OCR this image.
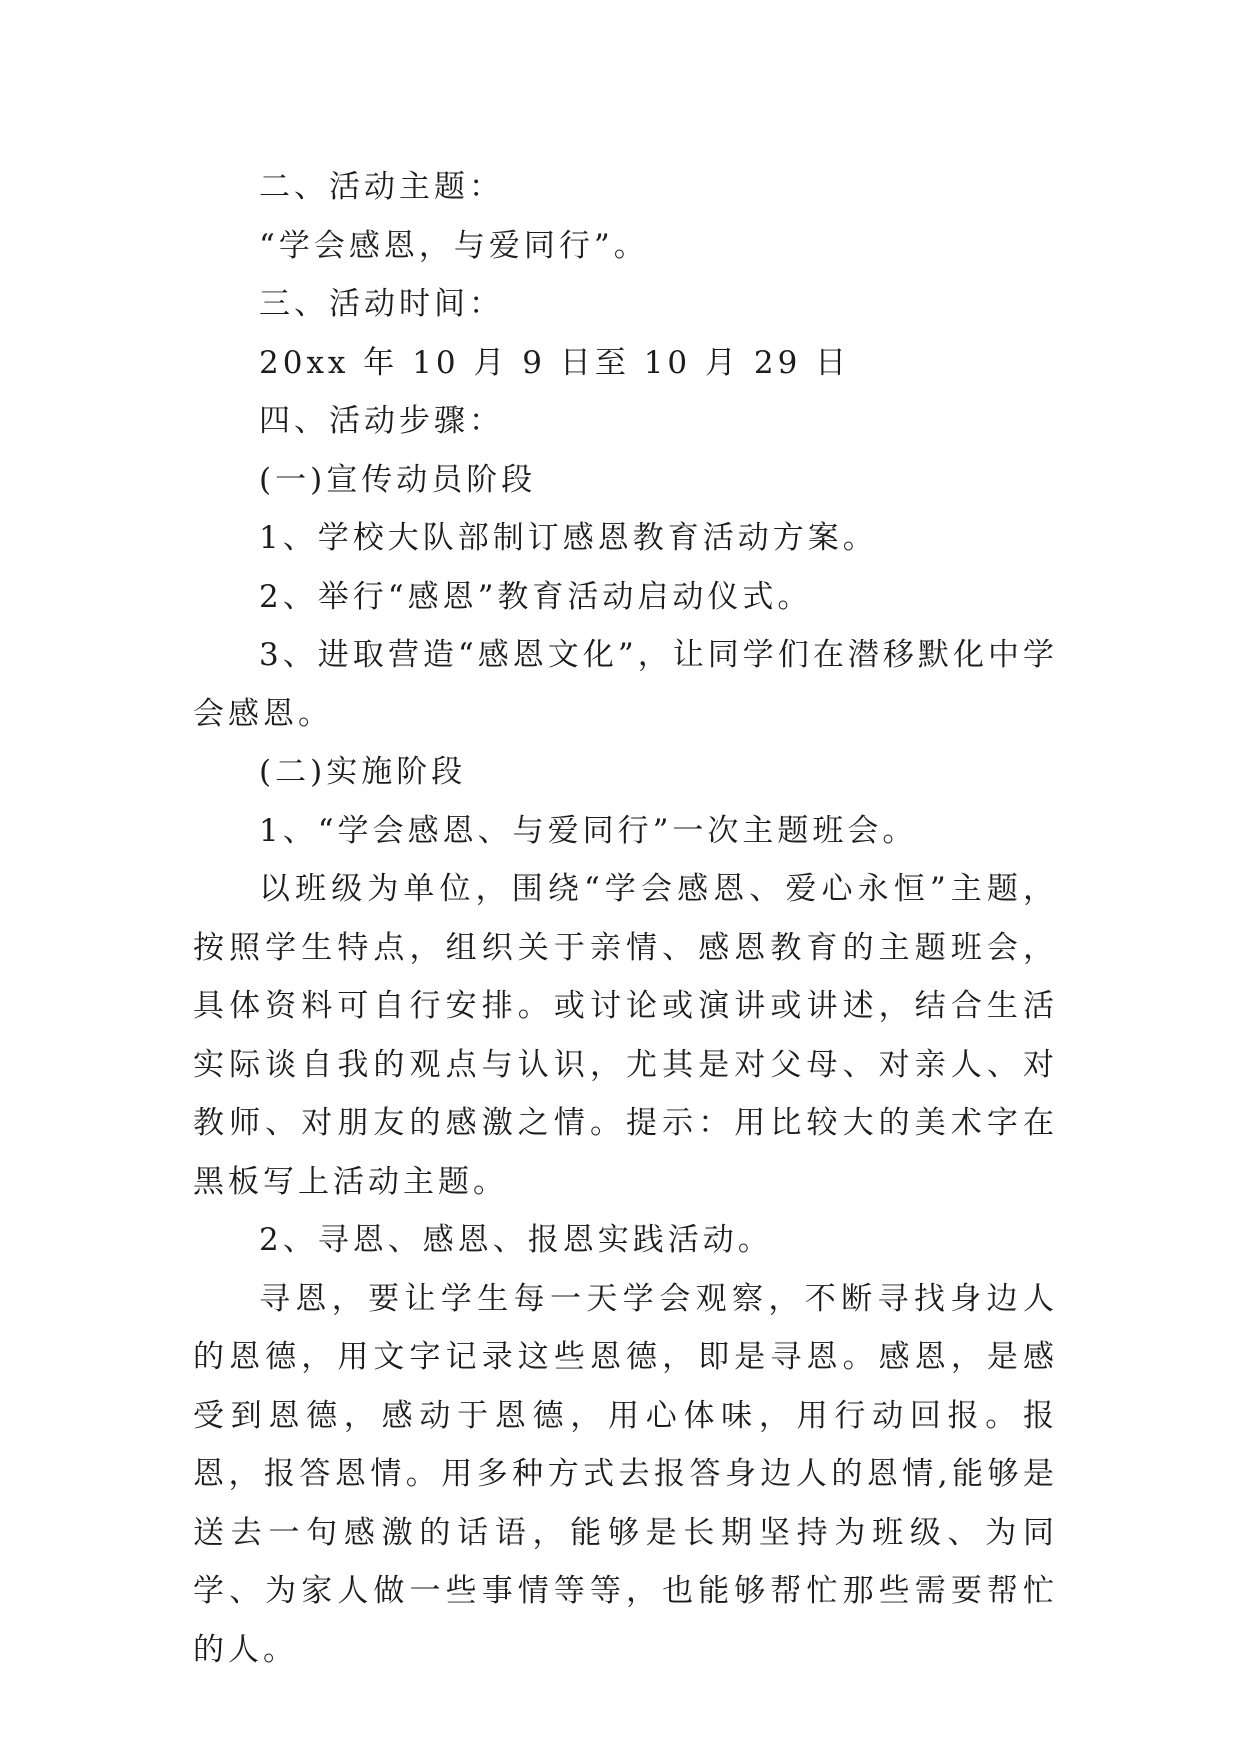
二、活动主题：

“学会感恩，与爱同行”。

三、活动时间：

20xx 年 10 月 9 日至 10 月 29 日

四、活动步骤：

(一)宣传动员阶段

1、学校大队部制订感恩教育活动方案。

2、举行“感恩”教育活动启动仪式。

3、进取营造“感恩文化”，让同学们在潜移默化中学会感恩。

(二)实施阶段

1、“学会感恩、与爱同行”一次主题班会。

以班级为单位，围绕“学会感恩、爱心永恒”主题，按照学生特点，组织关于亲情、感恩教育的主题班会，具体资料可自行安排。或讨论或演讲或讲述，结合生活实际谈自我的观点与认识，尤其是对父母、对亲人、对教师、对朋友的感激之情。提示：用比较大的美术字在黑板写上活动主题。

2、寻恩、感恩、报恩实践活动。

寻恩，要让学生每一天学会观察，不断寻找身边人的恩德，用文字记录这些恩德，即是寻恩。感恩，是感受到恩德，感动于恩德，用心体味，用行动回报。报恩，报答恩情。用多种方式去报答身边人的恩情,能够是送去一句感激的话语，能够是长期坚持为班级、为同学、为家人做一些事情等等，也能够帮忙那些需要帮忙的人。
